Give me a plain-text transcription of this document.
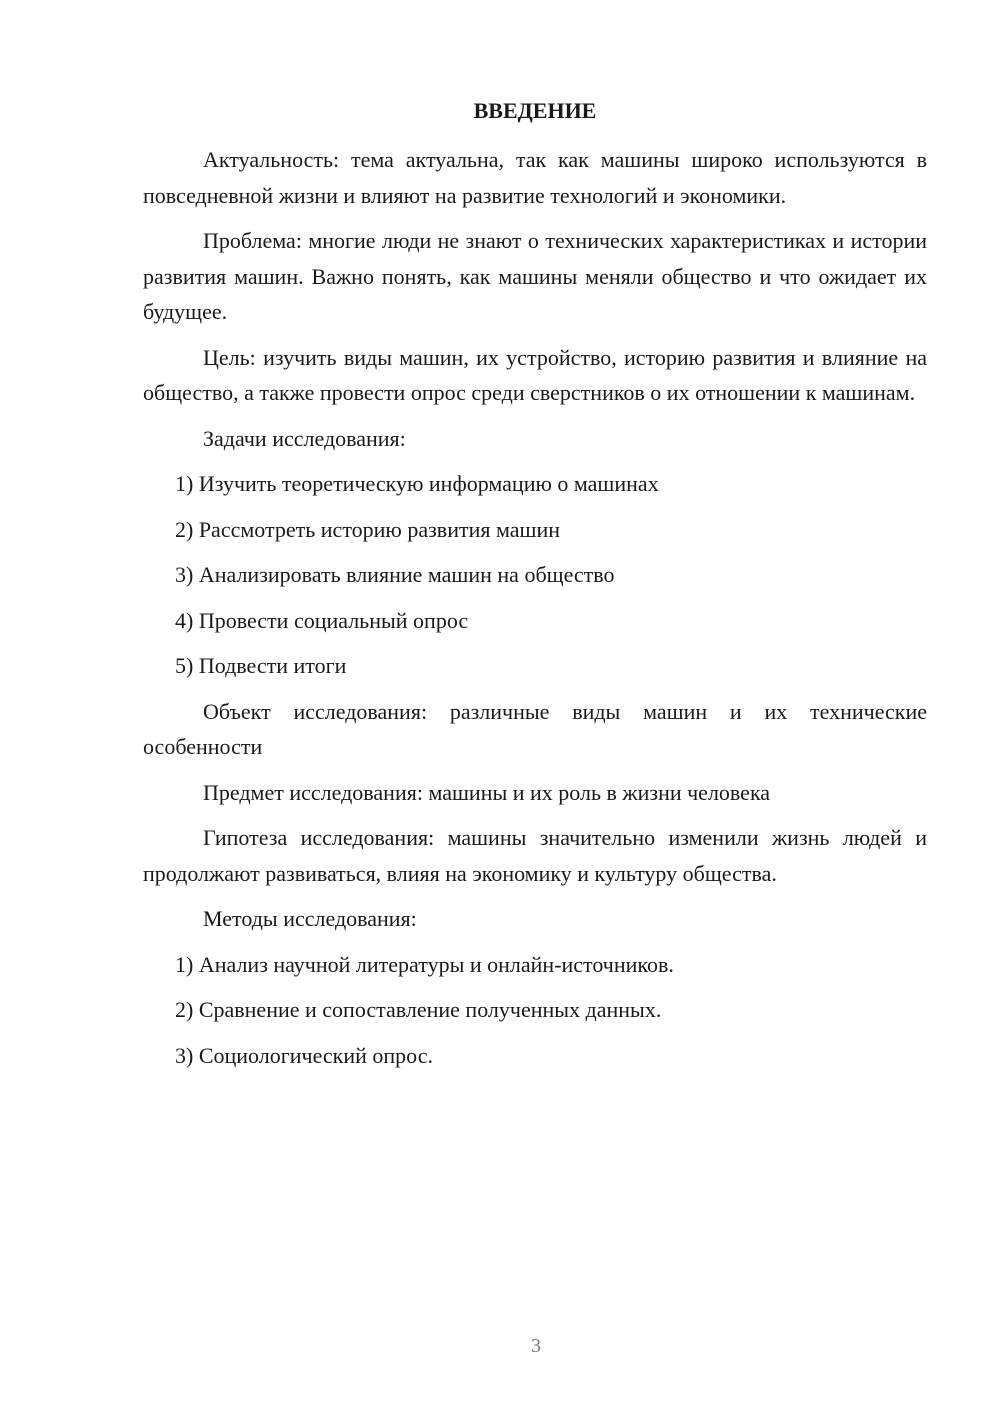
ВВЕДЕНИЕ

Актуальность: тема актуальна, так как машины широко используются в повседневной жизни и влияют на развитие технологий и экономики.

Проблема: многие люди не знают о технических характеристиках и истории развития машин. Важно понять, как машины меняли общество и что ожидает их будущее.

Цель: изучить виды машин, их устройство, историю развития и влияние на общество, а также провести опрос среди сверстников о их отношении к машинам.

Задачи исследования:

1) Изучить теоретическую информацию о машинах

2) Рассмотреть историю развития машин

3) Анализировать влияние машин на общество

4) Провести социальный опрос

5) Подвести итоги

Объект исследования: различные виды машин и их технические особенности

Предмет исследования: машины и их роль в жизни человека

Гипотеза исследования: машины значительно изменили жизнь людей и продолжают развиваться, влияя на экономику и культуру общества.

Методы исследования:

1) Анализ научной литературы и онлайн-источников.

2) Сравнение и сопоставление полученных данных.

3) Социологический опрос.

3
